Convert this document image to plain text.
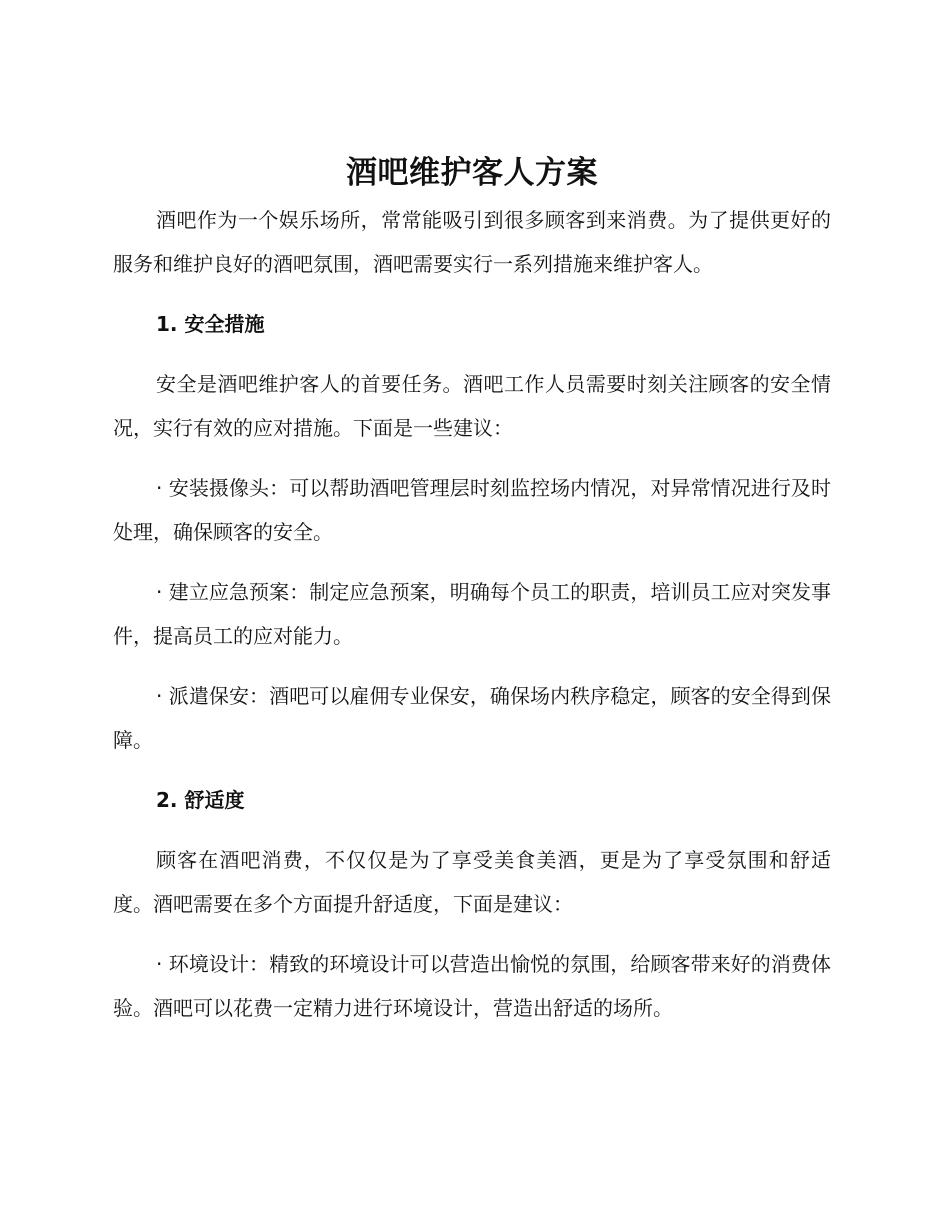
酒吧维护客人方案

酒吧作为一个娱乐场所，常常能吸引到很多顾客到来消费。为了提供更好的服务和维护良好的酒吧氛围，酒吧需要实行一系列措施来维护客人。

1. 安全措施

安全是酒吧维护客人的首要任务。酒吧工作人员需要时刻关注顾客的安全情况，实行有效的应对措施。下面是一些建议：

· 安装摄像头：可以帮助酒吧管理层时刻监控场内情况，对异常情况进行及时处理，确保顾客的安全。

· 建立应急预案：制定应急预案，明确每个员工的职责，培训员工应对突发事件，提高员工的应对能力。

· 派遣保安：酒吧可以雇佣专业保安，确保场内秩序稳定，顾客的安全得到保障。

2. 舒适度

顾客在酒吧消费，不仅仅是为了享受美食美酒，更是为了享受氛围和舒适度。酒吧需要在多个方面提升舒适度，下面是建议：

· 环境设计：精致的环境设计可以营造出愉悦的氛围，给顾客带来好的消费体验。酒吧可以花费一定精力进行环境设计，营造出舒适的场所。
